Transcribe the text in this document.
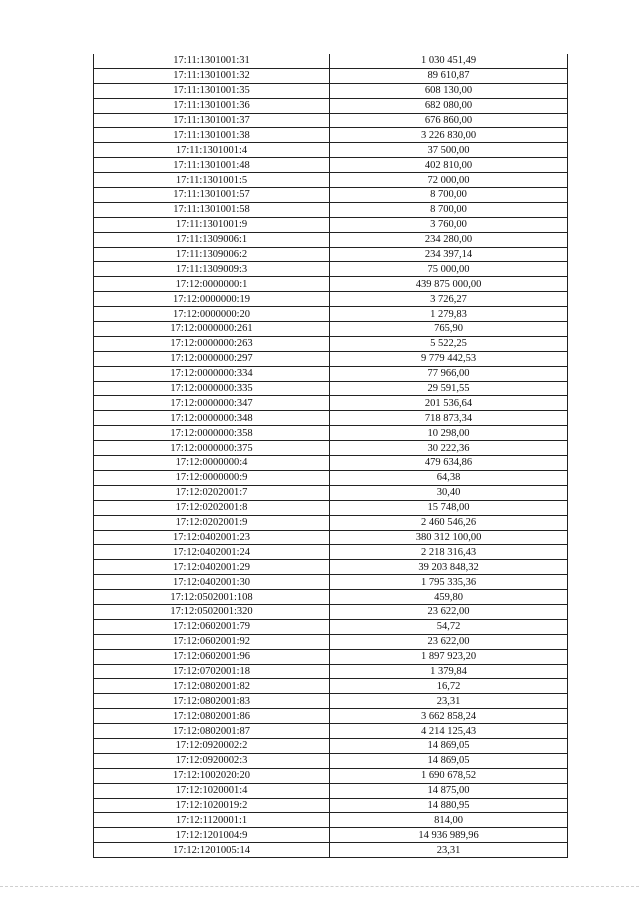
17:11:1301001:31	1 030 451,49
17:11:1301001:32	89 610,87
17:11:1301001:35	608 130,00
17:11:1301001:36	682 080,00
17:11:1301001:37	676 860,00
17:11:1301001:38	3 226 830,00
17:11:1301001:4	37 500,00
17:11:1301001:48	402 810,00
17:11:1301001:5	72 000,00
17:11:1301001:57	8 700,00
17:11:1301001:58	8 700,00
17:11:1301001:9	3 760,00
17:11:1309006:1	234 280,00
17:11:1309006:2	234 397,14
17:11:1309009:3	75 000,00
17:12:0000000:1	439 875 000,00
17:12:0000000:19	3 726,27
17:12:0000000:20	1 279,83
17:12:0000000:261	765,90
17:12:0000000:263	5 522,25
17:12:0000000:297	9 779 442,53
17:12:0000000:334	77 966,00
17:12:0000000:335	29 591,55
17:12:0000000:347	201 536,64
17:12:0000000:348	718 873,34
17:12:0000000:358	10 298,00
17:12:0000000:375	30 222,36
17:12:0000000:4	479 634,86
17:12:0000000:9	64,38
17:12:0202001:7	30,40
17:12:0202001:8	15 748,00
17:12:0202001:9	2 460 546,26
17:12:0402001:23	380 312 100,00
17:12:0402001:24	2 218 316,43
17:12:0402001:29	39 203 848,32
17:12:0402001:30	1 795 335,36
17:12:0502001:108	459,80
17:12:0502001:320	23 622,00
17:12:0602001:79	54,72
17:12:0602001:92	23 622,00
17:12:0602001:96	1 897 923,20
17:12:0702001:18	1 379,84
17:12:0802001:82	16,72
17:12:0802001:83	23,31
17:12:0802001:86	3 662 858,24
17:12:0802001:87	4 214 125,43
17:12:0920002:2	14 869,05
17:12:0920002:3	14 869,05
17:12:1002020:20	1 690 678,52
17:12:1020001:4	14 875,00
17:12:1020019:2	14 880,95
17:12:1120001:1	814,00
17:12:1201004:9	14 936 989,96
17:12:1201005:14	23,31
